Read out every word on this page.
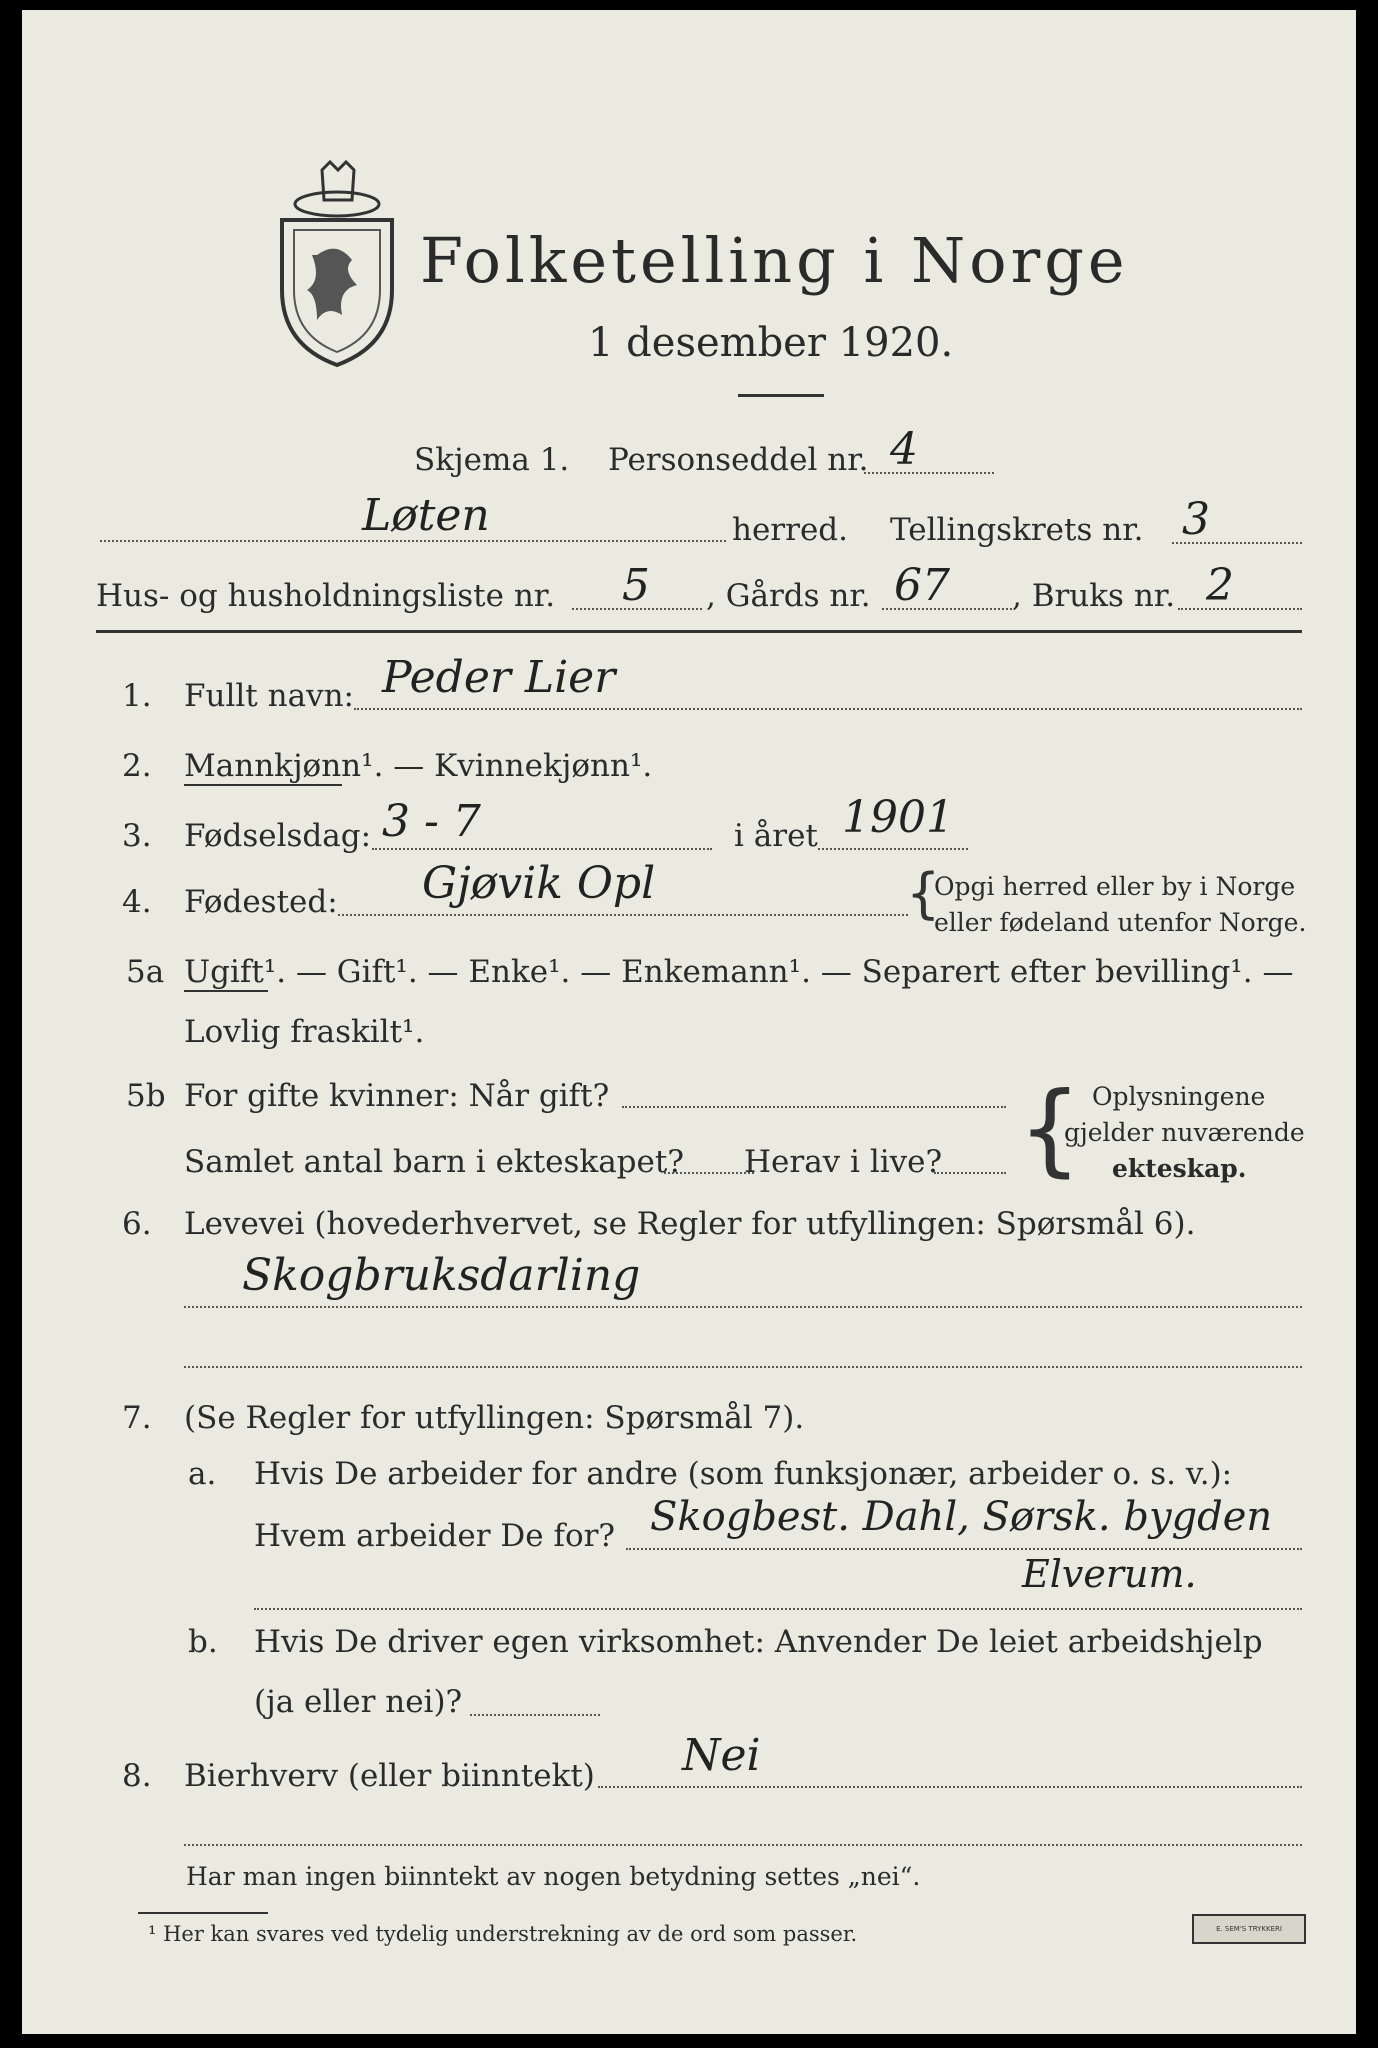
Folketelling i Norge
1 desember 1920.
Skjema 1. Personseddel nr. 4
Løten	herred. Tellingskrets nr. 3
Hus- og husholdningsliste nr. 5 , Gårds nr. 67 , Bruks nr. 2
1. Fullt navn: Peder Lier
2. Mannkjønn¹. — Kvinnekjønn¹.
3. Fødselsdag: 3 - 7	i året 1901
4. Fødested: Gjøvik Opl	{
Opgi herred eller by i Norge
eller fødeland utenfor Norge.
5a Ugift¹. — Gift¹. — Enke¹. — Enkemann¹. — Separert efter bevilling¹. —
Lovlig fraskilt¹.
5b For gifte kvinner: Når gift?
Samlet antal barn i ekteskapet? Herav i live? { Oplysningene
gjelder nuværende
ekteskap.
6. Levevei (hovederhvervet, se Regler for utfyllingen: Spørsmål 6).
Skogbruksdarling
7. (Se Regler for utfyllingen: Spørsmål 7).
a. Hvis De arbeider for andre (som funksjonær, arbeider o. s. v.):
Hvem arbeider De for? Skogbest. Dahl, Sørsk. bygden
Elverum.
b. Hvis De driver egen virksomhet: Anvender De leiet arbeidshjelp
(ja eller nei)?
8. Bierhverv (eller biinntekt) Nei
Har man ingen biinntekt av nogen betydning settes „nei“.
¹ Her kan svares ved tydelig understrekning av de ord som passer.	E. SEM'S TRYKKERI
